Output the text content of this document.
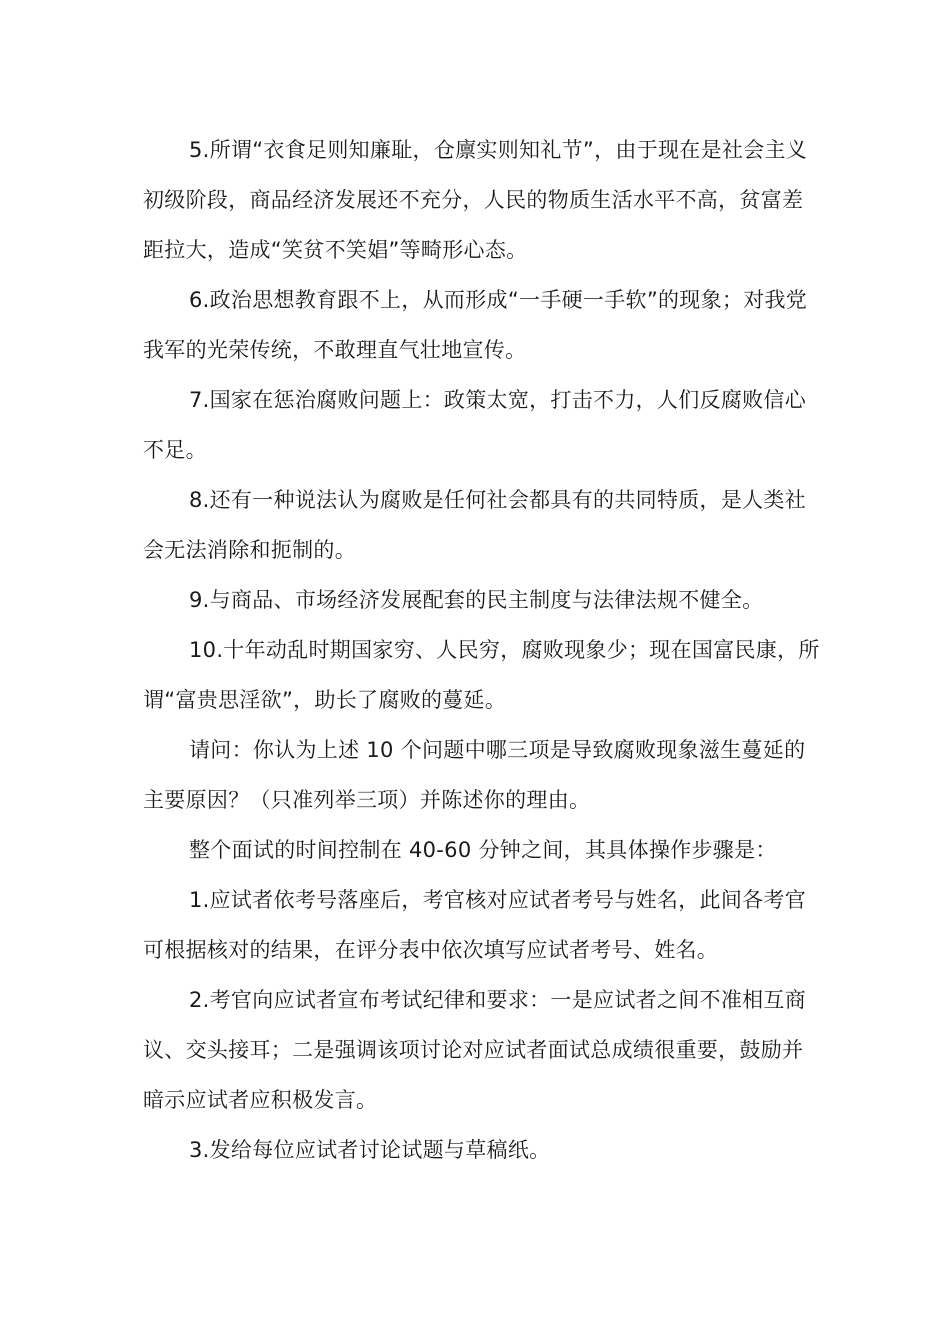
5.所谓“衣食足则知廉耻，仓廪实则知礼节”，由于现在是社会主义初级阶段，商品经济发展还不充分，人民的物质生活水平不高，贫富差距拉大，造成“笑贫不笑娼”等畸形心态。

6.政治思想教育跟不上，从而形成“一手硬一手软”的现象；对我党我军的光荣传统，不敢理直气壮地宣传。

7.国家在惩治腐败问题上：政策太宽，打击不力，人们反腐败信心不足。

8.还有一种说法认为腐败是任何社会都具有的共同特质，是人类社会无法消除和扼制的。

9.与商品、市场经济发展配套的民主制度与法律法规不健全。

10.十年动乱时期国家穷、人民穷，腐败现象少；现在国富民康，所谓“富贵思淫欲”，助长了腐败的蔓延。

请问：你认为上述 10 个问题中哪三项是导致腐败现象滋生蔓延的主要原因？（只准列举三项）并陈述你的理由。

整个面试的时间控制在 40-60 分钟之间，其具体操作步骤是：

1.应试者依考号落座后，考官核对应试者考号与姓名，此间各考官可根据核对的结果，在评分表中依次填写应试者考号、姓名。

2.考官向应试者宣布考试纪律和要求：一是应试者之间不准相互商议、交头接耳；二是强调该项讨论对应试者面试总成绩很重要，鼓励并暗示应试者应积极发言。

3.发给每位应试者讨论试题与草稿纸。
